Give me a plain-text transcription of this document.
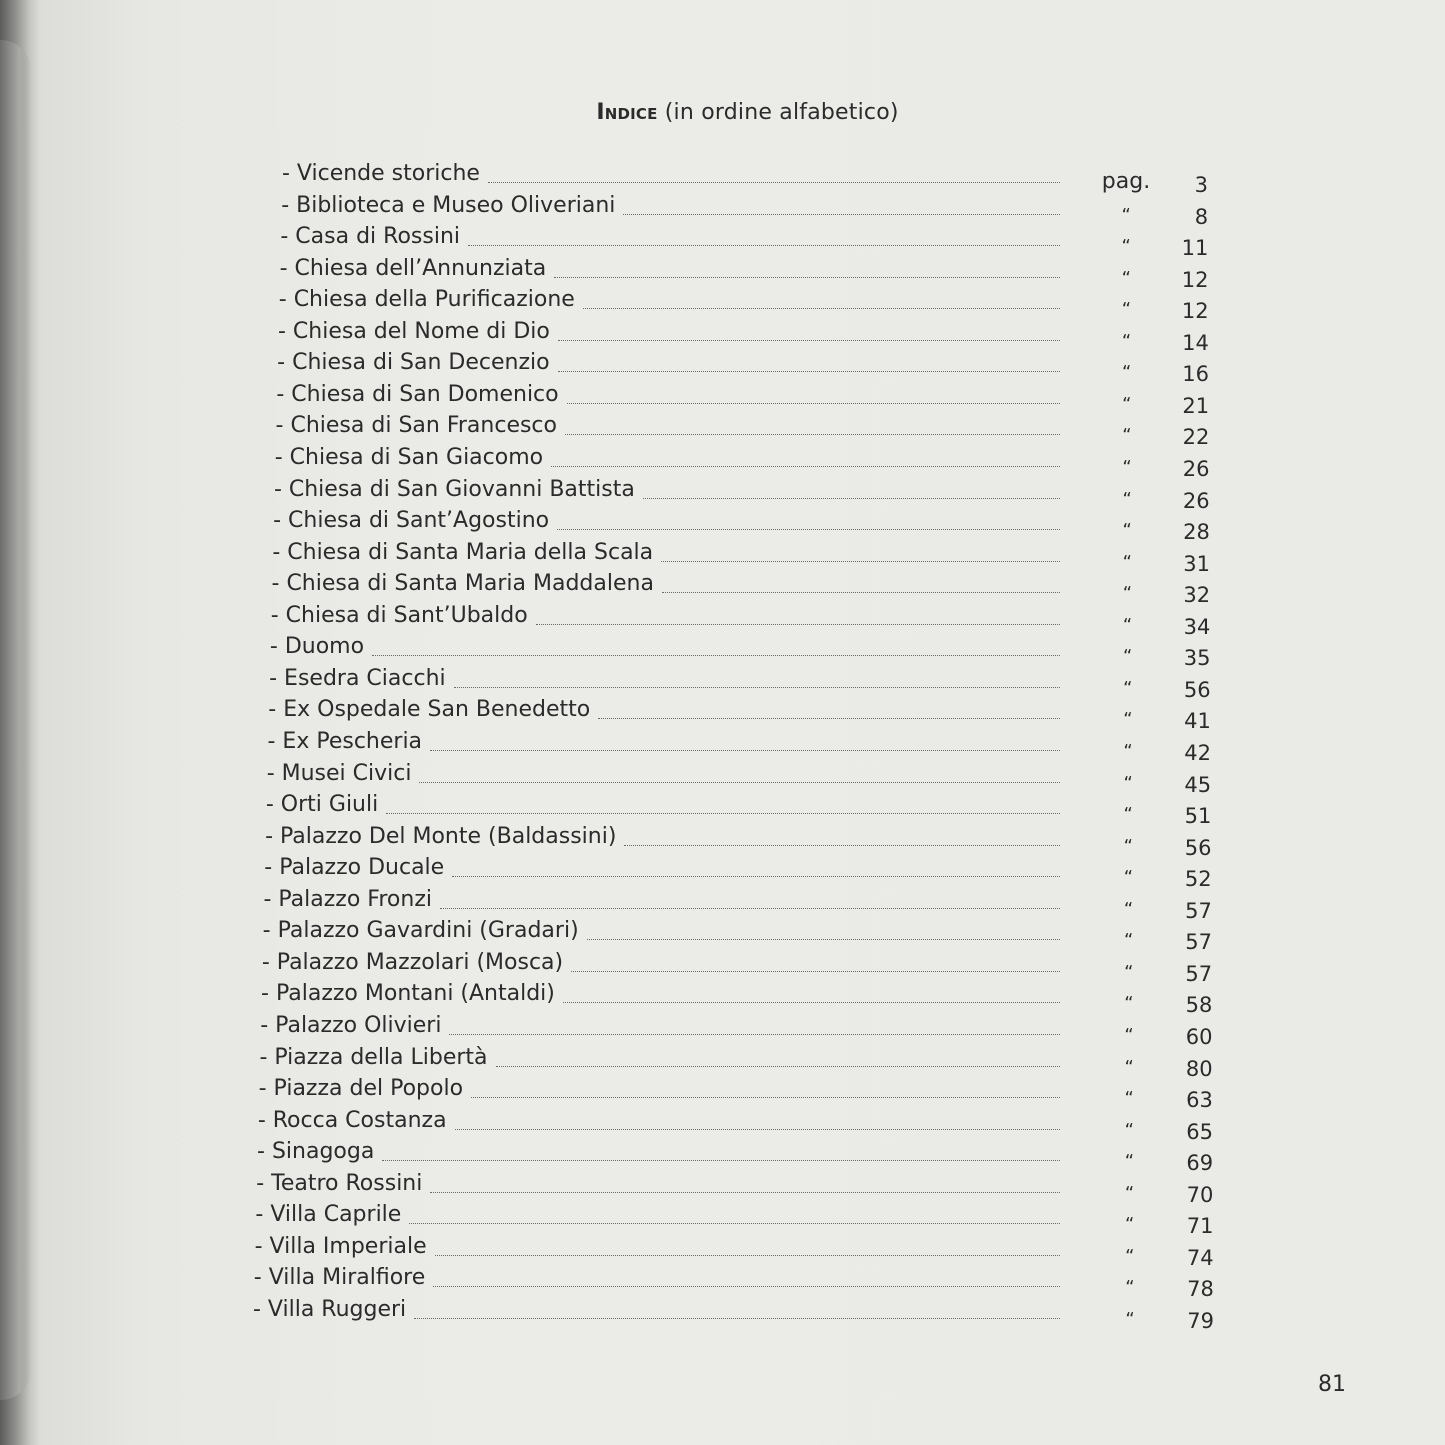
Indice (in ordine alfabetico)
- Vicende storiche	pag.	3
- Biblioteca e Museo Oliveriani	“	8
- Casa di Rossini	“	11
- Chiesa dell’Annunziata	“	12
- Chiesa della Purificazione	“	12
- Chiesa del Nome di Dio	“	14
- Chiesa di San Decenzio	“	16
- Chiesa di San Domenico	“	21
- Chiesa di San Francesco	“	22
- Chiesa di San Giacomo	“	26
- Chiesa di San Giovanni Battista	“	26
- Chiesa di Sant’Agostino	“	28
- Chiesa di Santa Maria della Scala	“	31
- Chiesa di Santa Maria Maddalena	“	32
- Chiesa di Sant’Ubaldo	“	34
- Duomo	“	35
- Esedra Ciacchi	“	56
- Ex Ospedale San Benedetto	“	41
- Ex Pescheria	“	42
- Musei Civici	“	45
- Orti Giuli	“	51
- Palazzo Del Monte (Baldassini)	“	56
- Palazzo Ducale	“	52
- Palazzo Fronzi	“	57
- Palazzo Gavardini (Gradari)	“	57
- Palazzo Mazzolari (Mosca)	“	57
- Palazzo Montani (Antaldi)	“	58
- Palazzo Olivieri	“	60
- Piazza della Libertà	“	80
- Piazza del Popolo	“	63
- Rocca Costanza	“	65
- Sinagoga	“	69
- Teatro Rossini	“	70
- Villa Caprile	“	71
- Villa Imperiale	“	74
- Villa Miralfiore	“	78
- Villa Ruggeri	“	79
81
